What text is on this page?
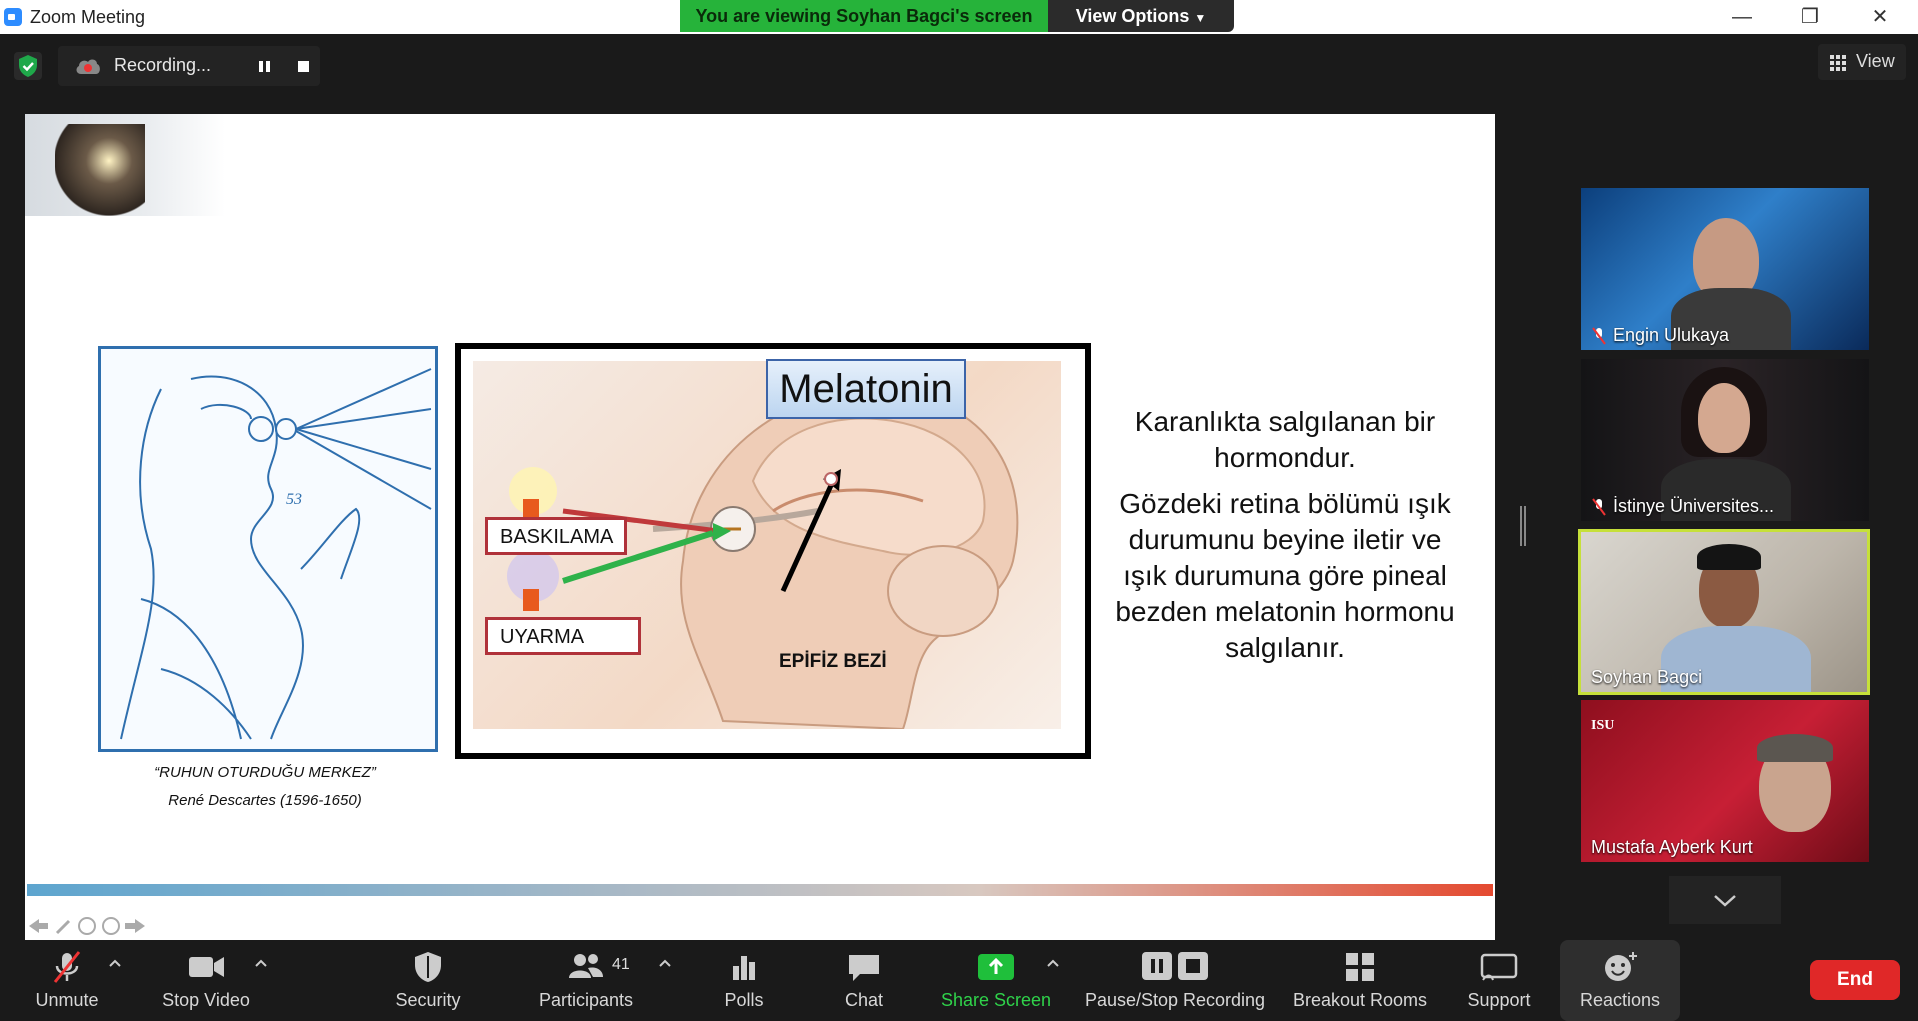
Zoom Meeting	—	❐	✕
You are viewing Soyhan Bagci's screen	View Options ▼
Recording...	View
53
“RUHUN OTURDUĞU MERKEZ”
René Descartes (1596-1650)
Melatonin
BASKILAMA
UYARMA
EPİFİZ BEZİ

Karanlıkta salgılanan bir hormondur.

Gözdeki retina bölümü ışık durumunu beyine iletir ve ışık durumuna göre pineal bezden melatonin hormonu salgılanır.

Engin Ulukaya
İstinye Üniversites...
Soyhan Bagci
ISU
Mustafa Ayberk Kurt
Unmute	Stop Video	Security
41
Participants	Polls	Chat	Share Screen Pause/Stop Recording	Breakout Rooms	Support	Reactions
End
